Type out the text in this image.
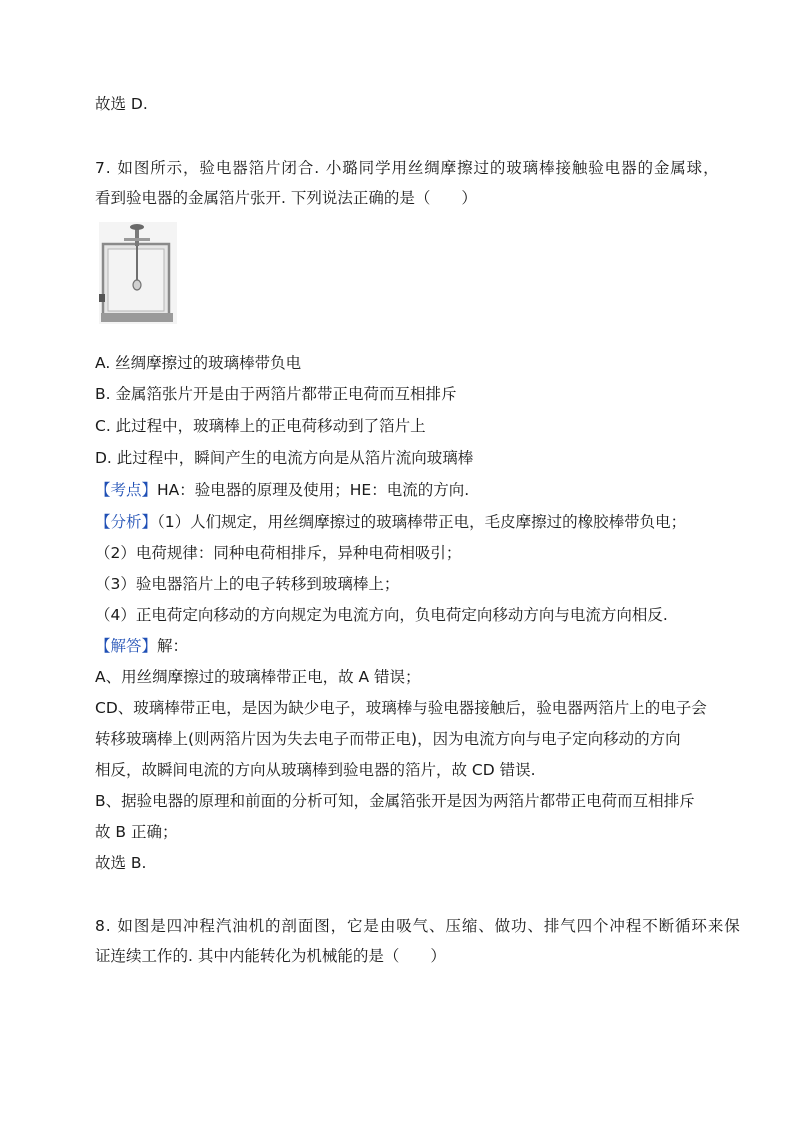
故选 D.
7. 如图所示，验电器箔片闭合. 小璐同学用丝绸摩擦过的玻璃棒接触验电器的金属球，
看到验电器的金属箔片张开. 下列说法正确的是（　　）
A. 丝绸摩擦过的玻璃棒带负电
B. 金属箔张片开是由于两箔片都带正电荷而互相排斥
C. 此过程中，玻璃棒上的正电荷移动到了箔片上
D. 此过程中，瞬间产生的电流方向是从箔片流向玻璃棒
【考点】HA：验电器的原理及使用；HE：电流的方向.
【分析】（1）人们规定，用丝绸摩擦过的玻璃棒带正电，毛皮摩擦过的橡胶棒带负电；
（2）电荷规律：同种电荷相排斥，异种电荷相吸引；
（3）验电器箔片上的电子转移到玻璃棒上；
（4）正电荷定向移动的方向规定为电流方向，负电荷定向移动方向与电流方向相反.
【解答】解：
A、用丝绸摩擦过的玻璃棒带正电，故 A 错误；
CD、玻璃棒带正电，是因为缺少电子，玻璃棒与验电器接触后，验电器两箔片上的电子会
转移玻璃棒上(则两箔片因为失去电子而带正电)，因为电流方向与电子定向移动的方向
相反，故瞬间电流的方向从玻璃棒到验电器的箔片，故 CD 错误.
B、据验电器的原理和前面的分析可知，金属箔张开是因为两箔片都带正电荷而互相排斥
故 B 正确；
故选 B.
8. 如图是四冲程汽油机的剖面图，它是由吸气、压缩、做功、排气四个冲程不断循环来保
证连续工作的. 其中内能转化为机械能的是（　　）
